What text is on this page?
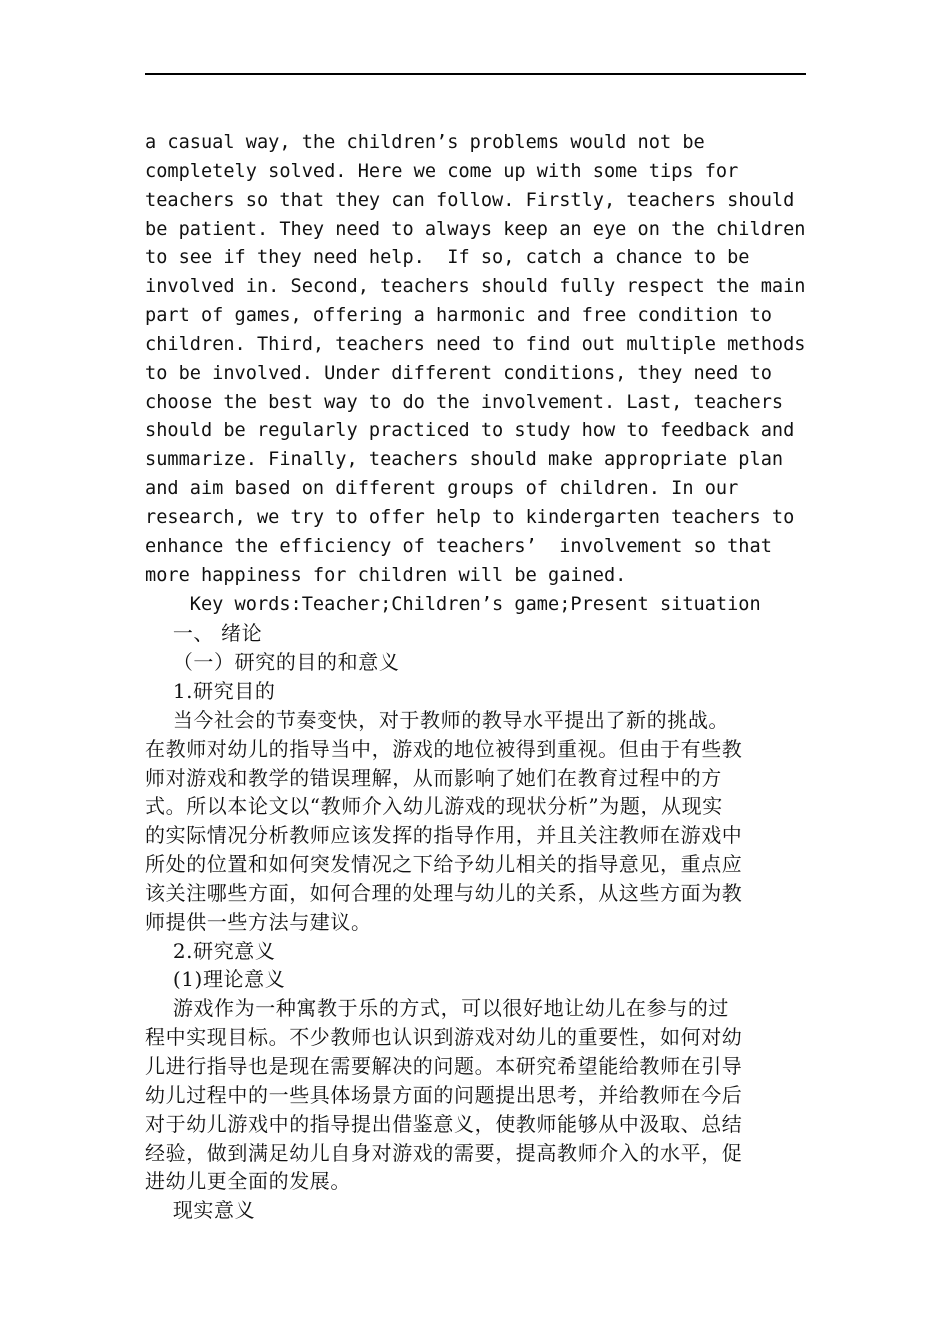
a casual way, the children’s problems would not be
completely solved. Here we come up with some tips for
teachers so that they can follow. Firstly, teachers should
be patient. They need to always keep an eye on the children
to see if they need help.  If so, catch a chance to be
involved in. Second, teachers should fully respect the main
part of games, offering a harmonic and free condition to
children. Third, teachers need to find out multiple methods
to be involved. Under different conditions, they need to
choose the best way to do the involvement. Last, teachers
should be regularly practiced to study how to feedback and
summarize. Finally, teachers should make appropriate plan
and aim based on different groups of children. In our
research, we try to offer help to kindergarten teachers to
enhance the efficiency of teachers’  involvement so that
more happiness for children will be gained.
Key words:Teacher;Children’s game;Present situation
一、 绪论
（一）研究的目的和意义
1.研究目的
当今社会的节奏变快，对于教师的教导水平提出了新的挑战。
在教师对幼儿的指导当中，游戏的地位被得到重视。但由于有些教
师对游戏和教学的错误理解，从而影响了她们在教育过程中的方
式。所以本论文以“教师介入幼儿游戏的现状分析”为题，从现实
的实际情况分析教师应该发挥的指导作用，并且关注教师在游戏中
所处的位置和如何突发情况之下给予幼儿相关的指导意见，重点应
该关注哪些方面，如何合理的处理与幼儿的关系，从这些方面为教
师提供一些方法与建议。
2.研究意义
(1)理论意义
游戏作为一种寓教于乐的方式，可以很好地让幼儿在参与的过
程中实现目标。不少教师也认识到游戏对幼儿的重要性，如何对幼
儿进行指导也是现在需要解决的问题。本研究希望能给教师在引导
幼儿过程中的一些具体场景方面的问题提出思考，并给教师在今后
对于幼儿游戏中的指导提出借鉴意义，使教师能够从中汲取、总结
经验，做到满足幼儿自身对游戏的需要，提高教师介入的水平，促
进幼儿更全面的发展。
现实意义
